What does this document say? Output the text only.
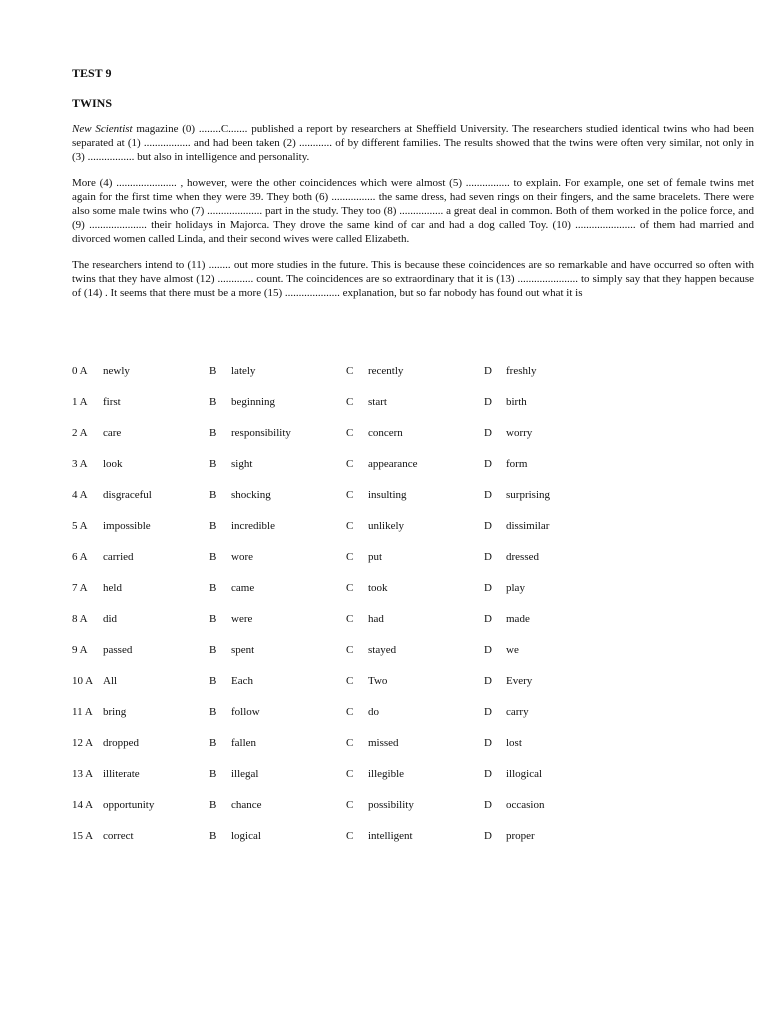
TEST 9

TWINS

New Scientist magazine (0) ........C....... published a report by researchers at Sheffield University. The researchers studied identical twins who had been separated at (1) ................. and had been taken (2) ............ of by different families. The results showed that the twins were often very similar, not only in (3) ................. but also in intelligence and personality.

More (4) ...................... , however, were the other coincidences which were almost (5) ................ to explain. For example, one set of female twins met again for the first time when they were 39. They both (6) ................ the same dress, had seven rings on their fingers, and the same bracelets. There were also some male twins who (7) .................... part in the study. They too (8) ................ a great deal in common. Both of them worked in the police force, and (9) ..................... their holidays in Majorca. They drove the same kind of car and had a dog called Toy. (10) ...................... of them had married and divorced women called Linda, and their second wives were called Elizabeth.

The researchers intend to (11) ........ out more studies in the future. This is because these coincidences are so remarkable and have occurred so often with twins that they have almost (12) ............. count. The coincidences are so extraordinary that it is (13) ...................... to simply say that they happen because of (14) . It seems that there must be a more (15) .................... explanation, but so far nobody has found out what it is

0 A newly	B lately	C recently	D freshly
1 A first	B beginning	C start	D birth
2 A care	B responsibility	C concern	D worry
3 A look	B sight	C appearance	D form
4 A disgraceful	B shocking	C insulting	D surprising
5 A impossible	B incredible	C unlikely	D dissimilar
6 A carried	B wore	C put	D dressed
7 A held	B came	C took	D play
8 A did	B were	C had	D made
9 A passed	B spent	C stayed	D we
10 A All	B Each	C Two	D Every
11 A bring	B follow	C do	D carry
12 A dropped	B fallen	C missed	D lost
13 A illiterate	B illegal	C illegible	D illogical
14 A opportunity	B chance	C possibility	D occasion
15 A correct	B logical	C intelligent	D proper
